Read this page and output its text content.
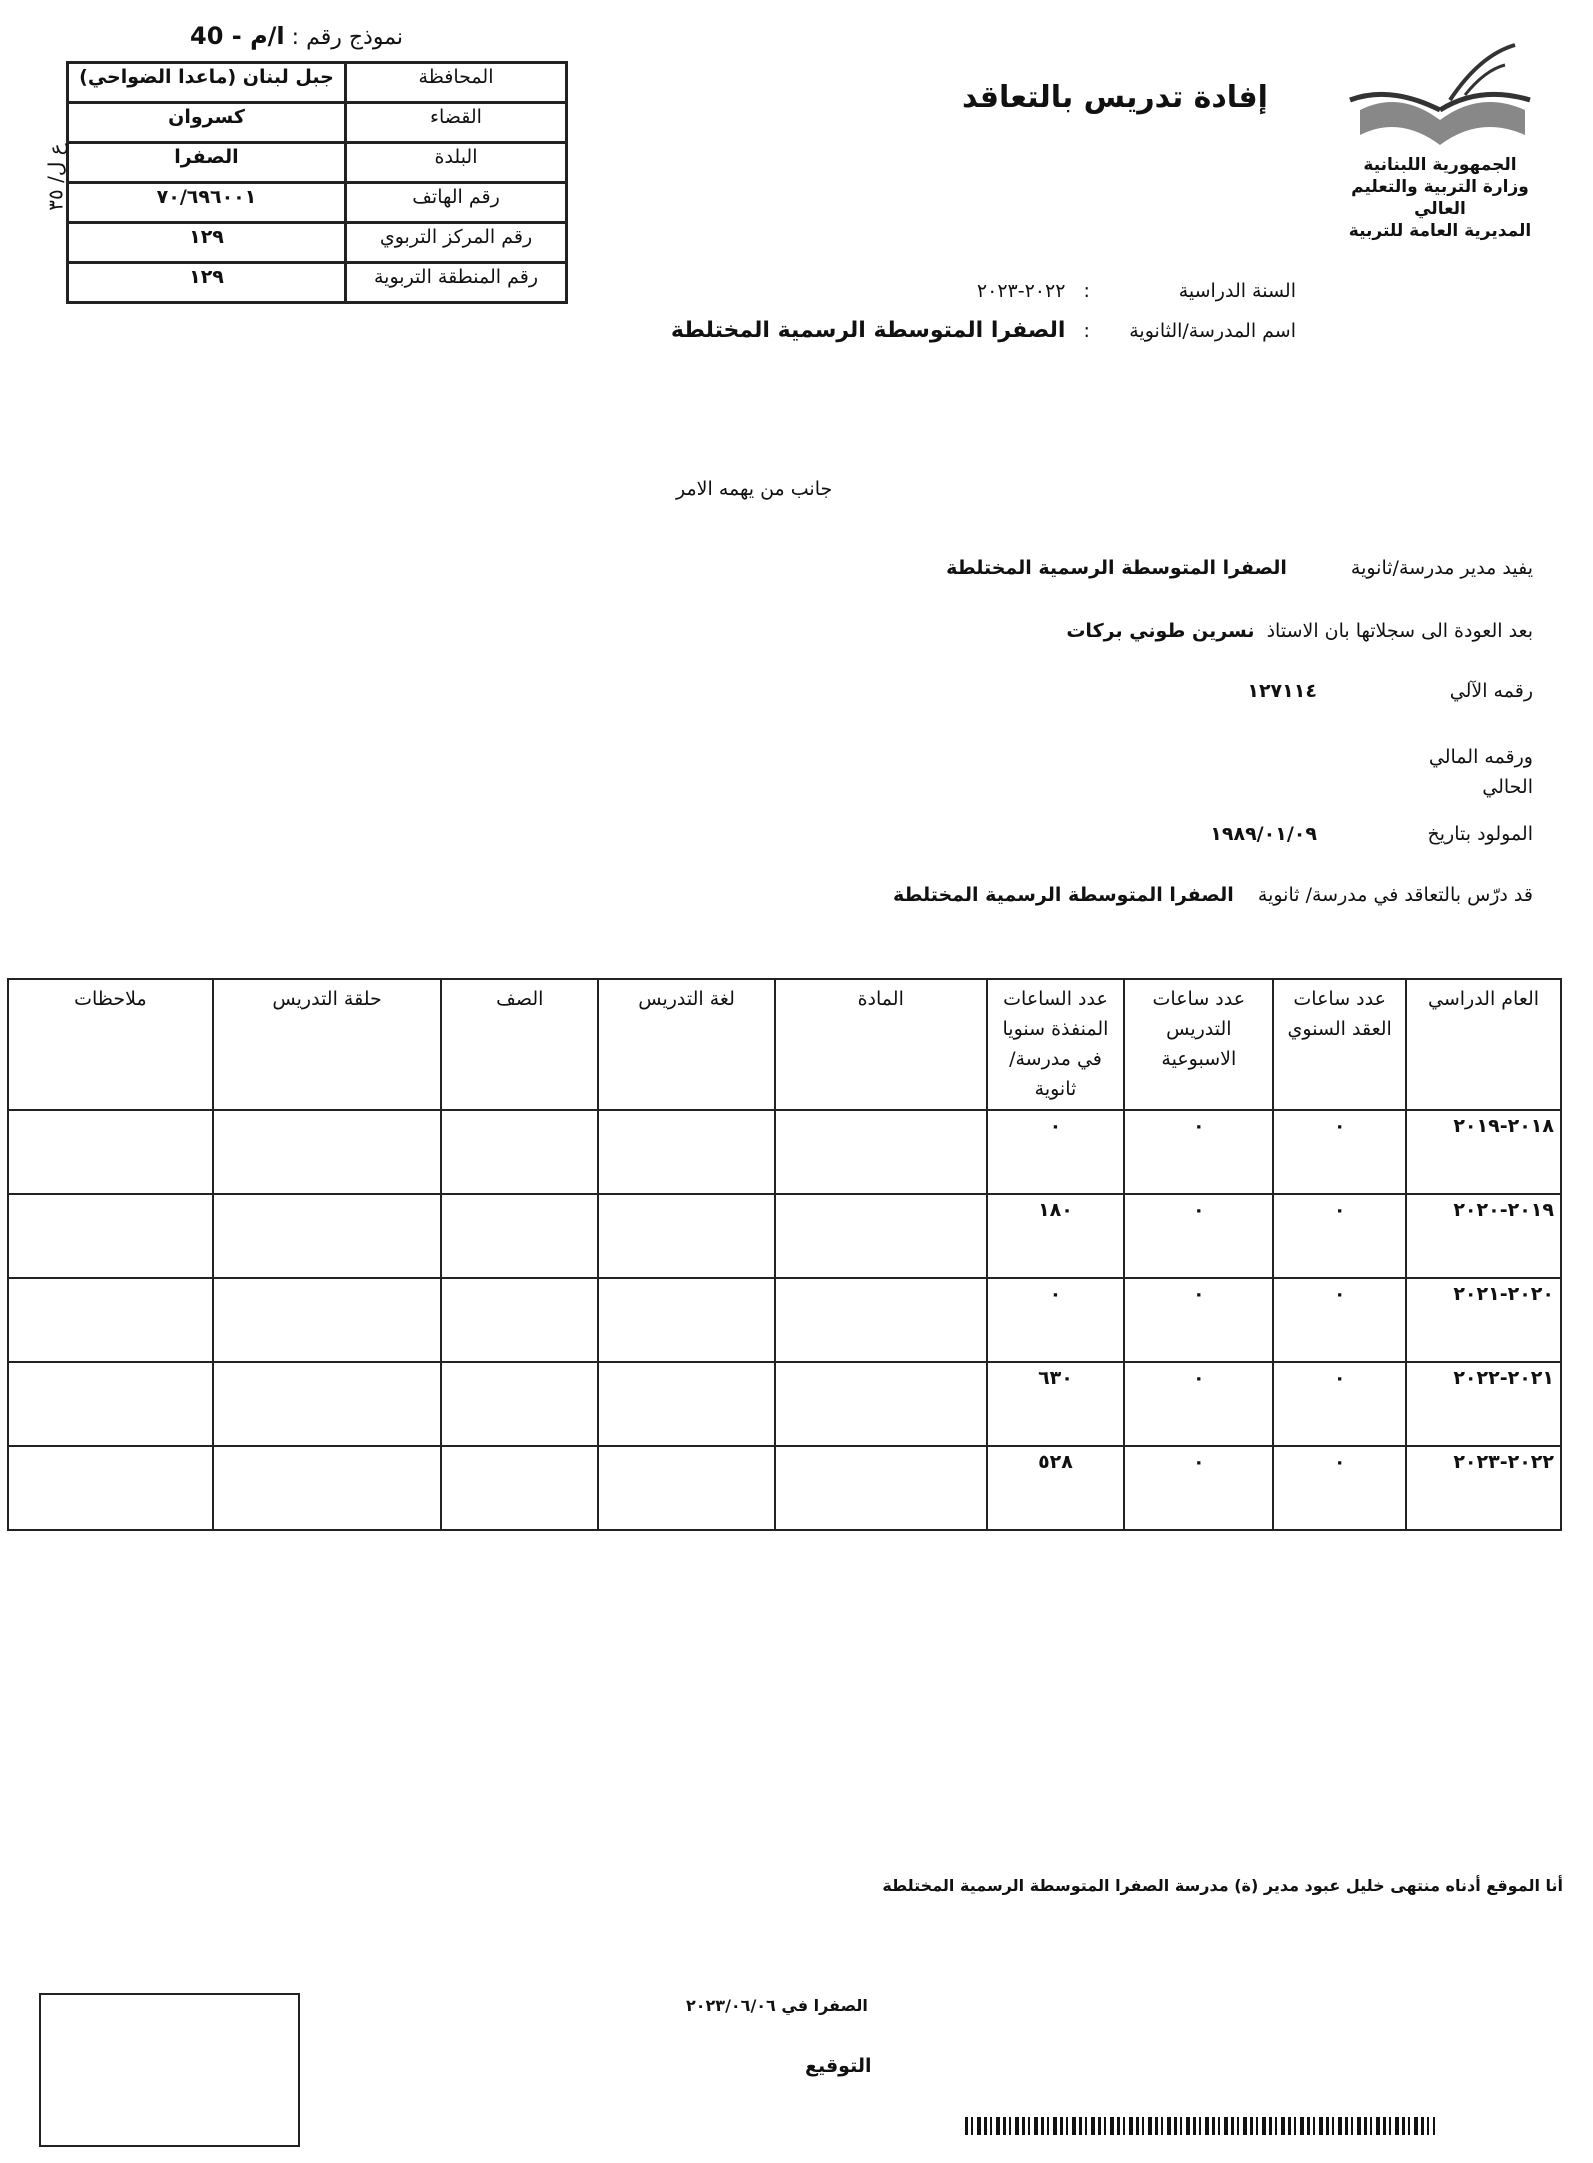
نموذج رقم : ا/م - 40
المحافظة	جبل لبنان (ماعدا الضواحي)
القضاء	كسروان
البلدة	الصفرا
رقم الهاتف	٧٠/٦٩٦٠٠١
رقم المركز التربوي	١٢٩
رقم المنطقة التربوية	١٢٩
ع ل/ ٣٥	الجمهورية اللبنانية
وزارة التربية والتعليم العالي
المديرية العامة للتربية
إفادة تدريس بالتعاقد
السنة الدراسية :   ٢٠٢٢-٢٠٢٣
اسم المدرسة/الثانوية :   الصفرا المتوسطة الرسمية المختلطة
جانب من يهمه الامر
يفيد مدير مدرسة/ثانوية الصفرا المتوسطة الرسمية المختلطة
بعد العودة الى سجلاتها بان الاستاذ  نسرين طوني بركات
رقمه الآلي ١٢٧١١٤
ورقمه المالي الحالي
المولود بتاريخ ١٩٨٩/٠١/٠٩
قد درّس بالتعاقد في مدرسة/ ثانوية    الصفرا المتوسطة الرسمية المختلطة
العام الدراسي	عدد ساعات العقد السنوي	عدد ساعات التدريس الاسبوعية	عدد الساعات المنفذة سنويا في مدرسة/ثانوية	المادة	لغة التدريس	الصف	حلقة التدريس	ملاحظات
٢٠١٨-٢٠١٩	٠	٠	٠					
٢٠١٩-٢٠٢٠	٠	٠	١٨٠					
٢٠٢٠-٢٠٢١	٠	٠	٠					
٢٠٢١-٢٠٢٢	٠	٠	٦٣٠					
٢٠٢٢-٢٠٢٣	٠	٠	٥٢٨					
أنا الموقع أدناه منتهى خليل عبود مدير (ة) مدرسة الصفرا المتوسطة الرسمية المختلطة
الصفرا في ٢٠٢٣/٠٦/٠٦
التوقيع
